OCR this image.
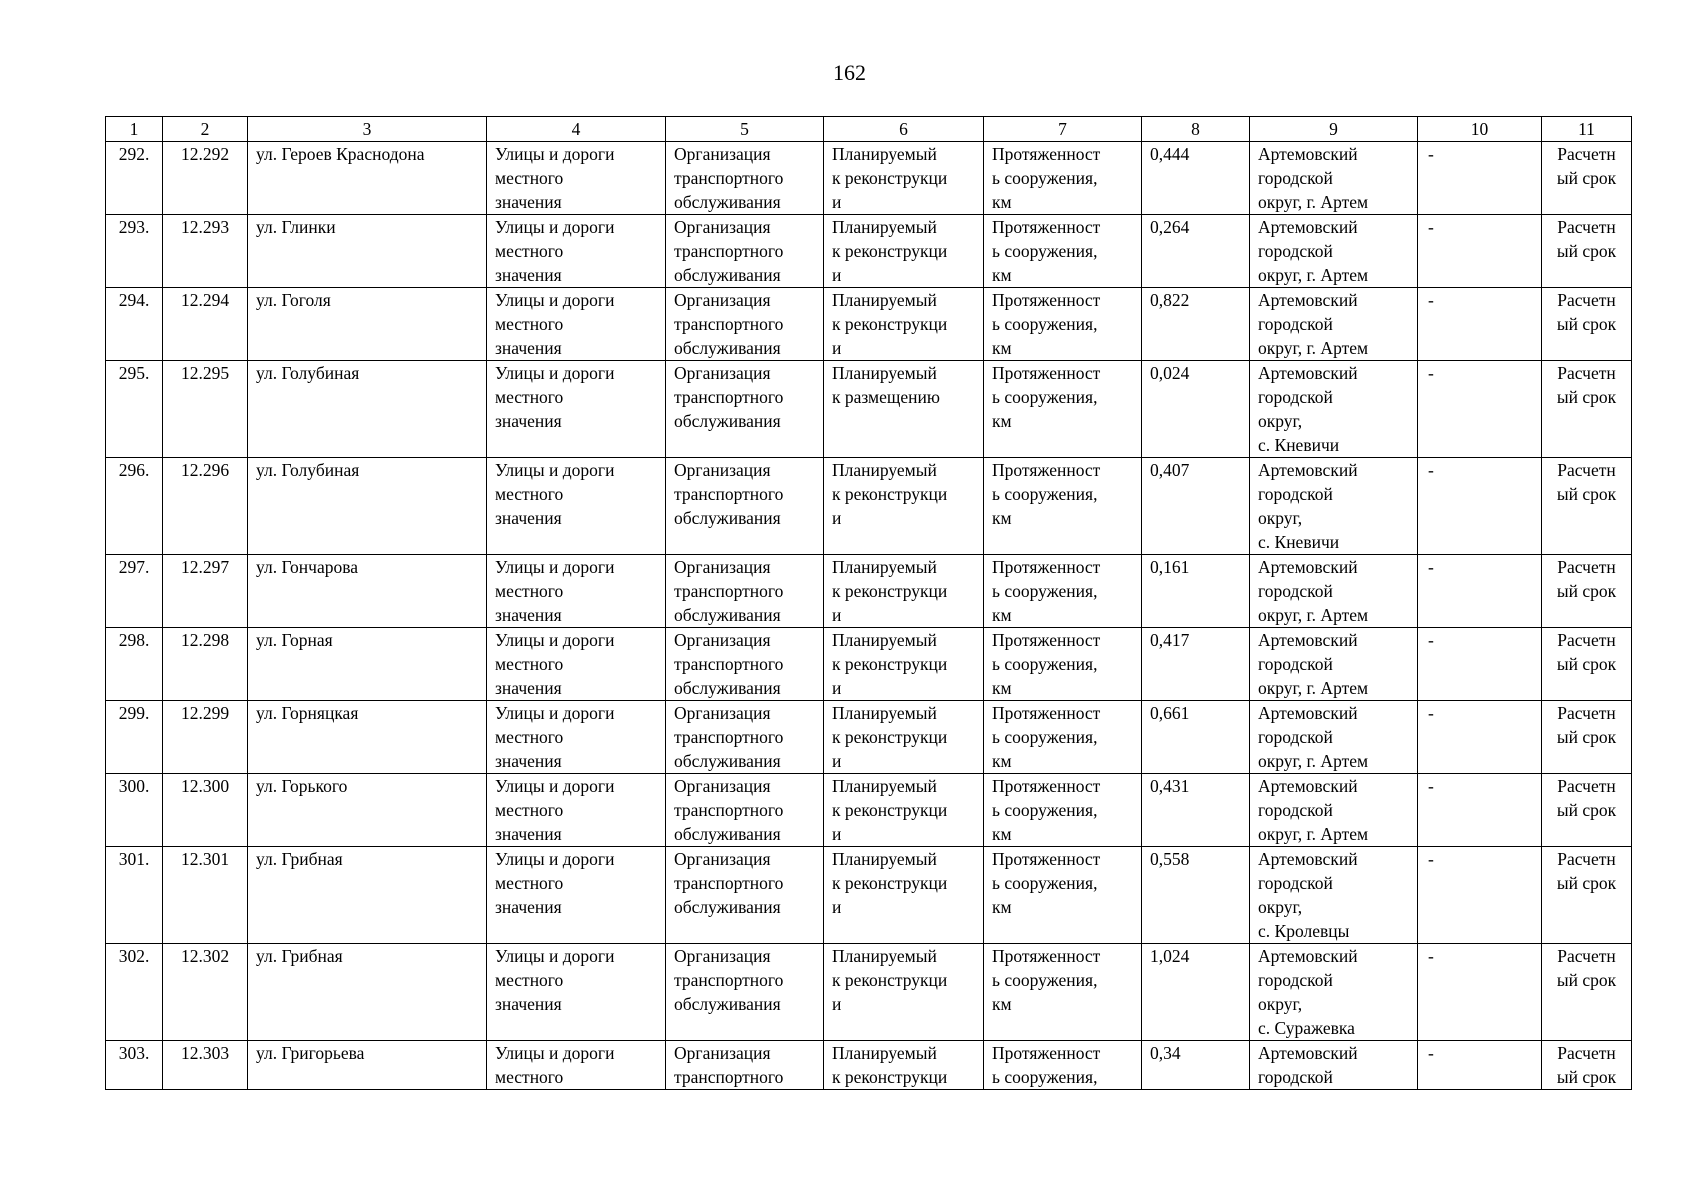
162
1	2	3	4	5	6	7	8	9	10	11
292.	12.292	ул. Героев Краснодона	Улицы и дороги
местного
значения	Организация
транспортного
обслуживания	Планируемый
к реконструкци
и	Протяженност
ь сооружения,
км	0,444	Артемовский
городской
округ, г. Артем	-	Расчетн
ый срок

293.	12.293	ул. Глинки	Улицы и дороги
местного
значения	Организация
транспортного
обслуживания	Планируемый
к реконструкци
и	Протяженност
ь сооружения,
км	0,264	Артемовский
городской
округ, г. Артем	-	Расчетн
ый срок

294.	12.294	ул. Гоголя	Улицы и дороги
местного
значения	Организация
транспортного
обслуживания	Планируемый
к реконструкци
и	Протяженност
ь сооружения,
км	0,822	Артемовский
городской
округ, г. Артем	-	Расчетн
ый срок

295.	12.295	ул. Голубиная	Улицы и дороги
местного
значения	Организация
транспортного
обслуживания	Планируемый
к размещению	Протяженност
ь сооружения,
км	0,024	Артемовский
городской
округ,
с. Кневичи	-	Расчетн
ый срок

296.	12.296	ул. Голубиная	Улицы и дороги
местного
значения	Организация
транспортного
обслуживания	Планируемый
к реконструкци
и	Протяженност
ь сооружения,
км	0,407	Артемовский
городской
округ,
с. Кневичи	-	Расчетн
ый срок

297.	12.297	ул. Гончарова	Улицы и дороги
местного
значения	Организация
транспортного
обслуживания	Планируемый
к реконструкци
и	Протяженност
ь сооружения,
км	0,161	Артемовский
городской
округ, г. Артем	-	Расчетн
ый срок

298.	12.298	ул. Горная	Улицы и дороги
местного
значения	Организация
транспортного
обслуживания	Планируемый
к реконструкци
и	Протяженност
ь сооружения,
км	0,417	Артемовский
городской
округ, г. Артем	-	Расчетн
ый срок

299.	12.299	ул. Горняцкая	Улицы и дороги
местного
значения	Организация
транспортного
обслуживания	Планируемый
к реконструкци
и	Протяженност
ь сооружения,
км	0,661	Артемовский
городской
округ, г. Артем	-	Расчетн
ый срок

300.	12.300	ул. Горького	Улицы и дороги
местного
значения	Организация
транспортного
обслуживания	Планируемый
к реконструкци
и	Протяженност
ь сооружения,
км	0,431	Артемовский
городской
округ, г. Артем	-	Расчетн
ый срок

301.	12.301	ул. Грибная	Улицы и дороги
местного
значения	Организация
транспортного
обслуживания	Планируемый
к реконструкци
и	Протяженност
ь сооружения,
км	0,558	Артемовский
городской
округ,
с. Кролевцы	-	Расчетн
ый срок

302.	12.302	ул. Грибная	Улицы и дороги
местного
значения	Организация
транспортного
обслуживания	Планируемый
к реконструкци
и	Протяженност
ь сооружения,
км	1,024	Артемовский
городской
округ,
с. Суражевка	-	Расчетн
ый срок

303.	12.303	ул. Григорьева	Улицы и дороги
местного	Организация
транспортного	Планируемый
к реконструкци	Протяженност
ь сооружения,	0,34	Артемовский
городской	-	Расчетн
ый срок
